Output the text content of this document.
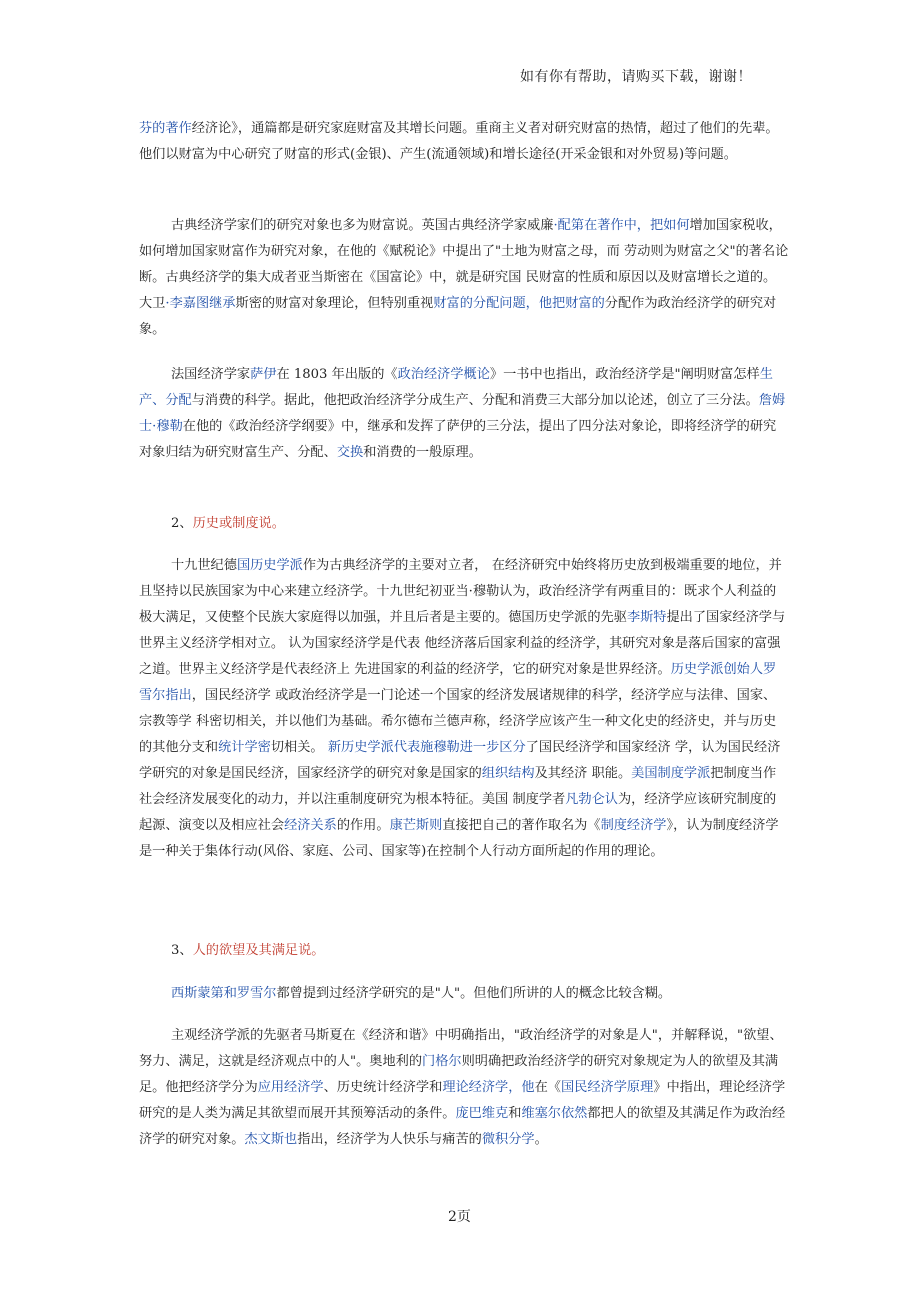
如有你有帮助，请购买下载，谢谢！

芬的著作经济论》，通篇都是研究家庭财富及其增长问题。重商主义者对研究财富的热情，超过了他们的先辈。他们以财富为中心研究了财富的形式(金银)、产生(流通领域)和增长途径(开采金银和对外贸易)等问题。

古典经济学家们的研究对象也多为财富说。英国古典经济学家威廉·配第在著作中，把如何增加国家税收，如何增加国家财富作为研究对象，在他的《赋税论》中提出了"土地为财富之母，而 劳动则为财富之父"的著名论断。古典经济学的集大成者亚当斯密在《国富论》中，就是研究国 民财富的性质和原因以及财富增长之道的。大卫·李嘉图继承斯密的财富对象理论，但特别重视财富的分配问题，他把财富的分配作为政治经济学的研究对象。

法国经济学家萨伊在 1803 年出版的《政治经济学概论》一书中也指出，政治经济学是"阐明财富怎样生产、分配与消费的科学。据此，他把政治经济学分成生产、分配和消费三大部分加以论述，创立了三分法。詹姆士·穆勒在他的《政治经济学纲要》中，继承和发挥了萨伊的三分法，提出了四分法对象论，即将经济学的研究对象归结为研究财富生产、分配、交换和消费的一般原理。

2、历史或制度说。

十九世纪德国历史学派作为古典经济学的主要对立者， 在经济研究中始终将历史放到极端重要的地位，并且坚持以民族国家为中心来建立经济学。十九世纪初亚当·穆勒认为，政治经济学有两重目的：既求个人利益的极大满足，又使整个民族大家庭得以加强，并且后者是主要的。德国历史学派的先驱李斯特提出了国家经济学与世界主义经济学相对立。 认为国家经济学是代表 他经济落后国家利益的经济学，其研究对象是落后国家的富强之道。世界主义经济学是代表经济上 先进国家的利益的经济学，它的研究对象是世界经济。历史学派创始人罗雪尔指出，国民经济学 或政治经济学是一门论述一个国家的经济发展诸规律的科学，经济学应与法律、国家、宗教等学 科密切相关，并以他们为基础。希尔德布兰德声称，经济学应该产生一种文化史的经济史，并与历史的其他分支和统计学密切相关。 新历史学派代表施穆勒进一步区分了国民经济学和国家经济 学，认为国民经济学研究的对象是国民经济，国家经济学的研究对象是国家的组织结构及其经济 职能。美国制度学派把制度当作社会经济发展变化的动力，并以注重制度研究为根本特征。美国 制度学者凡勃仑认为，经济学应该研究制度的起源、演变以及相应社会经济关系的作用。康芒斯则直接把自己的著作取名为《制度经济学》，认为制度经济学是一种关于集体行动(风俗、家庭、公司、国家等)在控制个人行动方面所起的作用的理论。

3、人的欲望及其满足说。

西斯蒙第和罗雪尔都曾提到过经济学研究的是"人"。但他们所讲的人的概念比较含糊。

主观经济学派的先驱者马斯夏在《经济和谐》中明确指出，"政治经济学的对象是人"，并解释说，"欲望、努力、满足，这就是经济观点中的人"。奥地利的门格尔则明确把政治经济学的研究对象规定为人的欲望及其满足。他把经济学分为应用经济学、历史统计经济学和理论经济学，他在《国民经济学原理》中指出，理论经济学研究的是人类为满足其欲望而展开其预筹活动的条件。庞巴维克和维塞尔依然都把人的欲望及其满足作为政治经济学的研究对象。杰文斯也指出，经济学为人快乐与痛苦的微积分学。

2页
